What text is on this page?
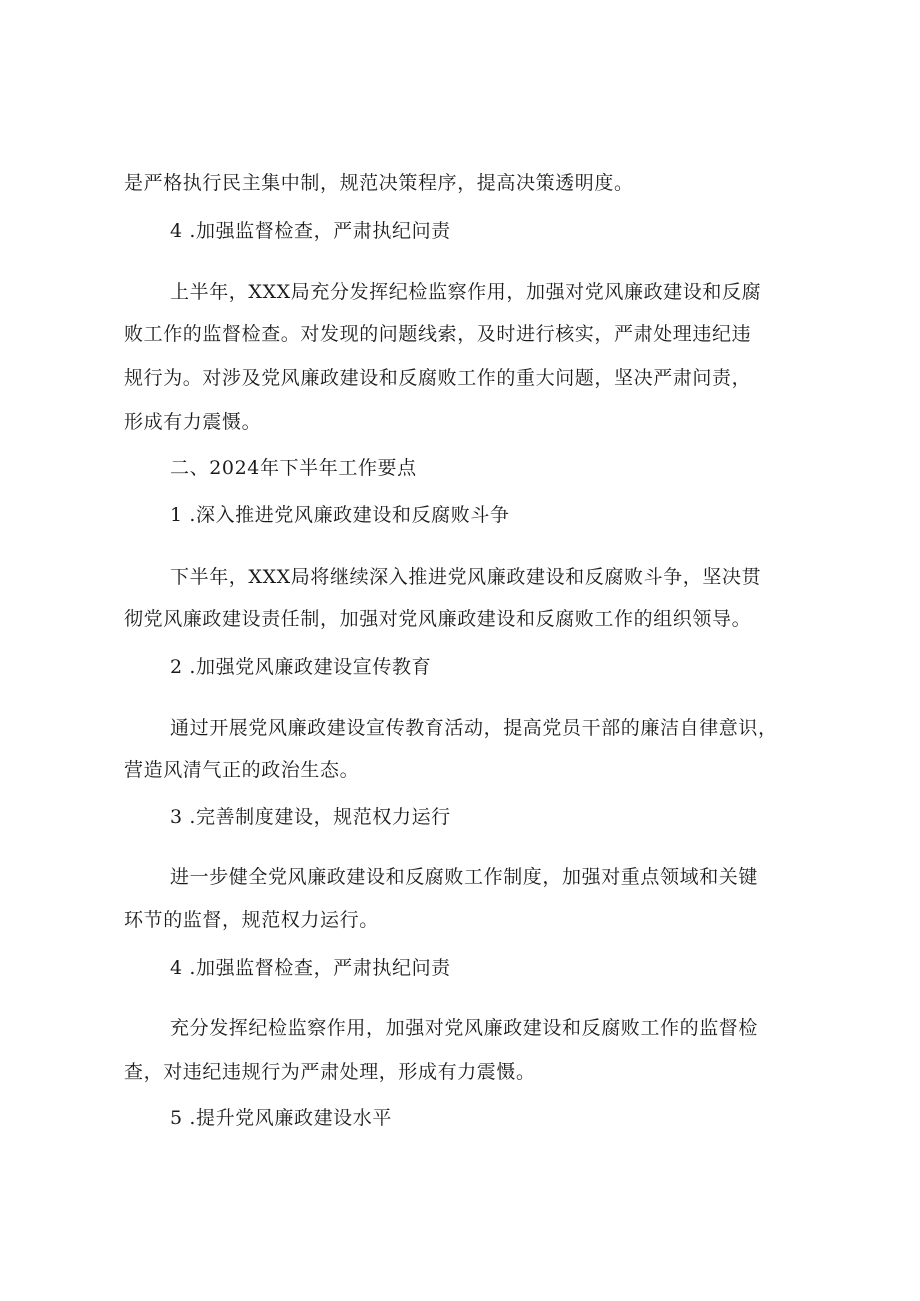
是严格执行民主集中制，规范决策程序，提高决策透明度。
4 .加强监督检查，严肃执纪问责
上半年，XXX局充分发挥纪检监察作用，加强对党风廉政建设和反腐
败工作的监督检查。对发现的问题线索，及时进行核实，严肃处理违纪违
规行为。对涉及党风廉政建设和反腐败工作的重大问题，坚决严肃问责，
形成有力震慑。
二、2024年下半年工作要点
1 .深入推进党风廉政建设和反腐败斗争
下半年，XXX局将继续深入推进党风廉政建设和反腐败斗争，坚决贯
彻党风廉政建设责任制，加强对党风廉政建设和反腐败工作的组织领导。
2 .加强党风廉政建设宣传教育
通过开展党风廉政建设宣传教育活动，提高党员干部的廉洁自律意识，
营造风清气正的政治生态。
3 .完善制度建设，规范权力运行
进一步健全党风廉政建设和反腐败工作制度，加强对重点领域和关键
环节的监督，规范权力运行。
4 .加强监督检查，严肃执纪问责
充分发挥纪检监察作用，加强对党风廉政建设和反腐败工作的监督检
查，对违纪违规行为严肃处理，形成有力震慑。
5 .提升党风廉政建设水平
